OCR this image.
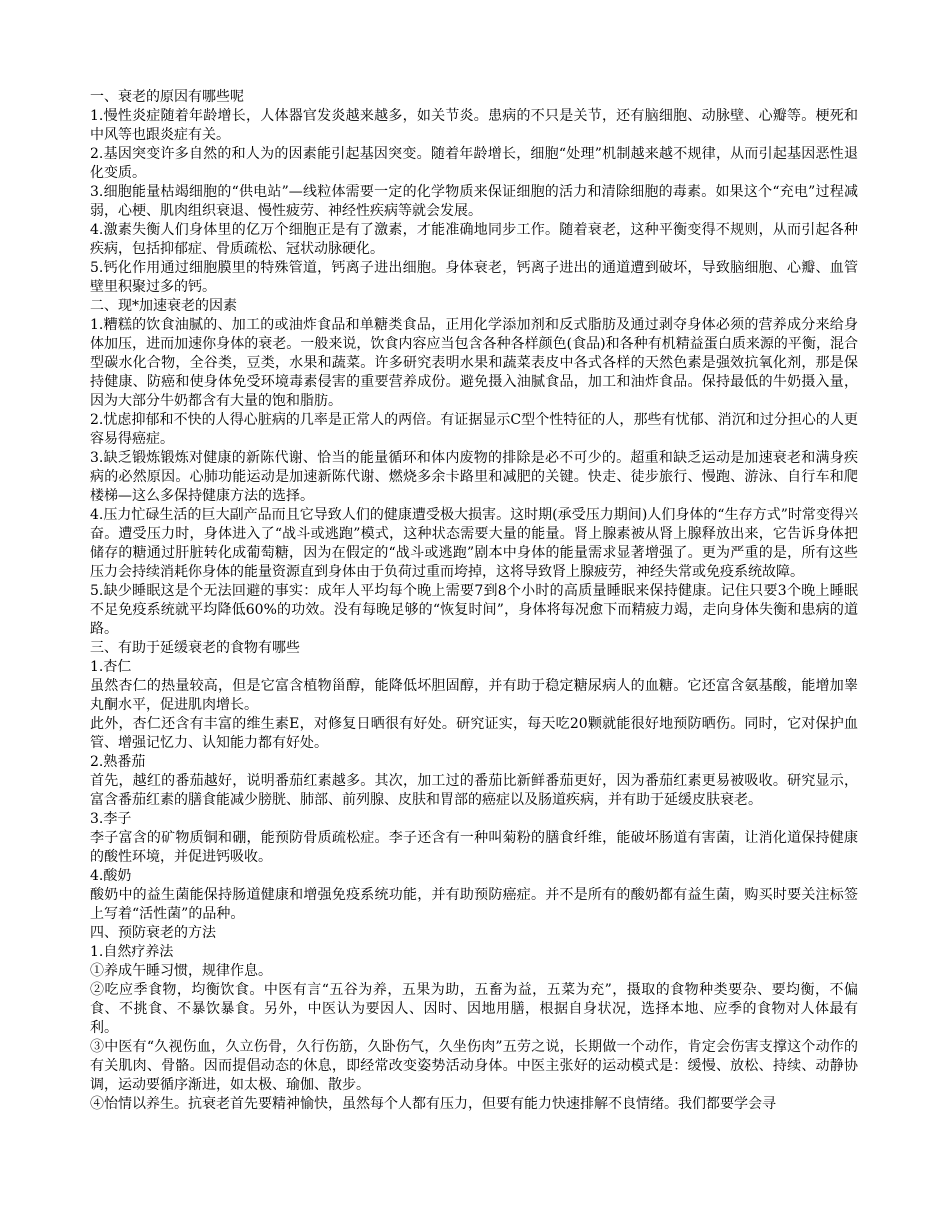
一、衰老的原因有哪些呢

1.慢性炎症随着年龄增长，人体器官发炎越来越多，如关节炎。患病的不只是关节，还有脑细胞、动脉壁、心瓣等。梗死和中风等也跟炎症有关。

2.基因突变许多自然的和人为的因素能引起基因突变。随着年龄增长，细胞“处理”机制越来越不规律，从而引起基因恶性退化变质。

3.细胞能量枯竭细胞的“供电站”—线粒体需要一定的化学物质来保证细胞的活力和清除细胞的毒素。如果这个“充电”过程减弱，心梗、肌肉组织衰退、慢性疲劳、神经性疾病等就会发展。

4.激素失衡人们身体里的亿万个细胞正是有了激素，才能准确地同步工作。随着衰老，这种平衡变得不规则，从而引起各种疾病，包括抑郁症、骨质疏松、冠状动脉硬化。

5.钙化作用通过细胞膜里的特殊管道，钙离子进出细胞。身体衰老，钙离子进出的通道遭到破坏，导致脑细胞、心瓣、血管壁里积聚过多的钙。

二、现*加速衰老的因素

1.糟糕的饮食油腻的、加工的或油炸食品和单糖类食品，正用化学添加剂和反式脂肪及通过剥夺身体必须的营养成分来给身体加压，进而加速你身体的衰老。一般来说，饮食内容应当包含各种各样颜色(食品)和各种有机精益蛋白质来源的平衡，混合型碳水化合物，全谷类，豆类，水果和蔬菜。许多研究表明水果和蔬菜表皮中各式各样的天然色素是强效抗氧化剂，那是保持健康、防癌和使身体免受环境毒素侵害的重要营养成份。避免摄入油腻食品，加工和油炸食品。保持最低的牛奶摄入量，因为大部分牛奶都含有大量的饱和脂肪。

2.忧虑抑郁和不快的人得心脏病的几率是正常人的两倍。有证据显示C型个性特征的人，那些有忧郁、消沉和过分担心的人更容易得癌症。

3.缺乏锻炼锻炼对健康的新陈代谢、恰当的能量循环和体内废物的排除是必不可少的。超重和缺乏运动是加速衰老和满身疾病的必然原因。心肺功能运动是加速新陈代谢、燃烧多余卡路里和减肥的关键。快走、徒步旅行、慢跑、游泳、自行车和爬楼梯—这么多保持健康方法的选择。

4.压力忙碌生活的巨大副产品而且它导致人们的健康遭受极大损害。这时期(承受压力期间)人们身体的“生存方式”时常变得兴奋。遭受压力时，身体进入了“战斗或逃跑”模式，这种状态需要大量的能量。肾上腺素被从肾上腺释放出来，它告诉身体把储存的糖通过肝脏转化成葡萄糖，因为在假定的“战斗或逃跑”剧本中身体的能量需求显著增强了。更为严重的是，所有这些压力会持续消耗你身体的能量资源直到身体由于负荷过重而垮掉，这将导致肾上腺疲劳，神经失常或免疫系统故障。

5.缺少睡眠这是个无法回避的事实：成年人平均每个晚上需要7到8个小时的高质量睡眠来保持健康。记住只要3个晚上睡眠不足免疫系统就平均降低60%的功效。没有每晚足够的“恢复时间”，身体将每况愈下而精疲力竭，走向身体失衡和患病的道路。

三、有助于延缓衰老的食物有哪些

1.杏仁

虽然杏仁的热量较高，但是它富含植物甾醇，能降低坏胆固醇，并有助于稳定糖尿病人的血糖。它还富含氨基酸，能增加睾丸酮水平，促进肌肉增长。

此外，杏仁还含有丰富的维生素E，对修复日晒很有好处。研究证实，每天吃20颗就能很好地预防晒伤。同时，它对保护血管、增强记忆力、认知能力都有好处。

2.熟番茄

首先，越红的番茄越好，说明番茄红素越多。其次，加工过的番茄比新鲜番茄更好，因为番茄红素更易被吸收。研究显示，富含番茄红素的膳食能减少膀胱、肺部、前列腺、皮肤和胃部的癌症以及肠道疾病，并有助于延缓皮肤衰老。

3.李子

李子富含的矿物质铜和硼，能预防骨质疏松症。李子还含有一种叫菊粉的膳食纤维，能破坏肠道有害菌，让消化道保持健康的酸性环境，并促进钙吸收。

4.酸奶

酸奶中的益生菌能保持肠道健康和增强免疫系统功能，并有助预防癌症。并不是所有的酸奶都有益生菌，购买时要关注标签上写着“活性菌”的品种。

四、预防衰老的方法

1.自然疗养法

①养成午睡习惯，规律作息。

②吃应季食物，均衡饮食。中医有言“五谷为养，五果为助，五畜为益，五菜为充”，摄取的食物种类要杂、要均衡，不偏食、不挑食、不暴饮暴食。另外，中医认为要因人、因时、因地用膳，根据自身状况，选择本地、应季的食物对人体最有利。

③中医有“久视伤血，久立伤骨，久行伤筋，久卧伤气，久坐伤肉”五劳之说，长期做一个动作，肯定会伤害支撑这个动作的有关肌肉、骨骼。因而提倡动态的休息，即经常改变姿势活动身体。中医主张好的运动模式是：缓慢、放松、持续、动静协调，运动要循序渐进，如太极、瑜伽、散步。

④怡情以养生。抗衰老首先要精神愉快，虽然每个人都有压力，但要有能力快速排解不良情绪。我们都要学会寻
